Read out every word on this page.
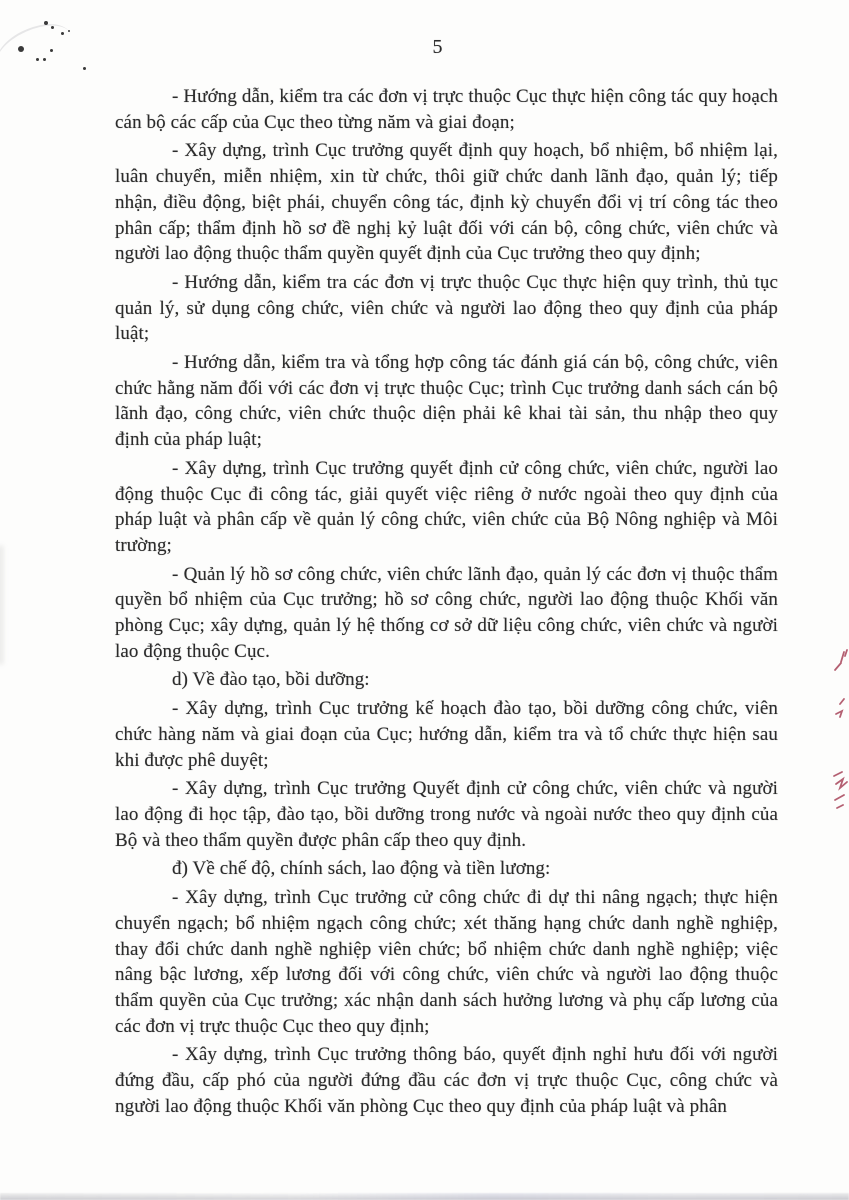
5

- Hướng dẫn, kiểm tra các đơn vị trực thuộc Cục thực hiện công tác quy hoạch cán bộ các cấp của Cục theo từng năm và giai đoạn;

- Xây dựng, trình Cục trưởng quyết định quy hoạch, bổ nhiệm, bổ nhiệm lại, luân chuyển, miễn nhiệm, xin từ chức, thôi giữ chức danh lãnh đạo, quản lý; tiếp nhận, điều động, biệt phái, chuyển công tác, định kỳ chuyển đổi vị trí công tác theo phân cấp; thẩm định hồ sơ đề nghị kỷ luật đối với cán bộ, công chức, viên chức và người lao động thuộc thẩm quyền quyết định của Cục trưởng theo quy định;

- Hướng dẫn, kiểm tra các đơn vị trực thuộc Cục thực hiện quy trình, thủ tục quản lý, sử dụng công chức, viên chức và người lao động theo quy định của pháp luật;

- Hướng dẫn, kiểm tra và tổng hợp công tác đánh giá cán bộ, công chức, viên chức hằng năm đối với các đơn vị trực thuộc Cục; trình Cục trưởng danh sách cán bộ lãnh đạo, công chức, viên chức thuộc diện phải kê khai tài sản, thu nhập theo quy định của pháp luật;

- Xây dựng, trình Cục trưởng quyết định cử công chức, viên chức, người lao động thuộc Cục đi công tác, giải quyết việc riêng ở nước ngoài theo quy định của pháp luật và phân cấp về quản lý công chức, viên chức của Bộ Nông nghiệp và Môi trường;

- Quản lý hồ sơ công chức, viên chức lãnh đạo, quản lý các đơn vị thuộc thẩm quyền bổ nhiệm của Cục trưởng; hồ sơ công chức, người lao động thuộc Khối văn phòng Cục; xây dựng, quản lý hệ thống cơ sở dữ liệu công chức, viên chức và người lao động thuộc Cục.

d) Về đào tạo, bồi dưỡng:

- Xây dựng, trình Cục trưởng kế hoạch đào tạo, bồi dưỡng công chức, viên chức hàng năm và giai đoạn của Cục; hướng dẫn, kiểm tra và tổ chức thực hiện sau khi được phê duyệt;

- Xây dựng, trình Cục trưởng Quyết định cử công chức, viên chức và người lao động đi học tập, đào tạo, bồi dưỡng trong nước và ngoài nước theo quy định của Bộ và theo thẩm quyền được phân cấp theo quy định.

đ) Về chế độ, chính sách, lao động và tiền lương:

- Xây dựng, trình Cục trưởng cử công chức đi dự thi nâng ngạch; thực hiện chuyển ngạch; bổ nhiệm ngạch công chức; xét thăng hạng chức danh nghề nghiệp, thay đổi chức danh nghề nghiệp viên chức; bổ nhiệm chức danh nghề nghiệp; việc nâng bậc lương, xếp lương đối với công chức, viên chức và người lao động thuộc thẩm quyền của Cục trưởng; xác nhận danh sách hưởng lương và phụ cấp lương của các đơn vị trực thuộc Cục theo quy định;

- Xây dựng, trình Cục trưởng thông báo, quyết định nghỉ hưu đối với người đứng đầu, cấp phó của người đứng đầu các đơn vị trực thuộc Cục, công chức và người lao động thuộc Khối văn phòng Cục theo quy định của pháp luật và phân
